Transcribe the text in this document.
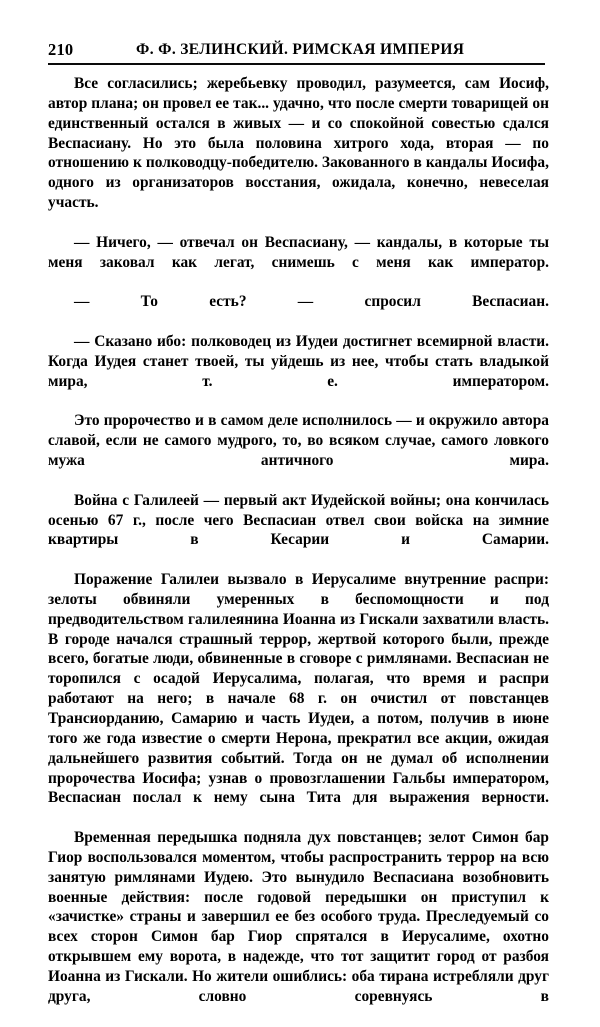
210	Ф. Ф. ЗЕЛИНСКИЙ. РИМСКАЯ ИМПЕРИЯ

Все согласились; жеребьевку проводил, разумеется, сам Иосиф, автор плана; он провел ее так... удачно, что после смерти товарищей он единственный остался в живых — и со спокойной совестью сдался Веспасиану. Но это была половина хитрого хода, вторая — по отношению к полководцу-победителю. Закованного в кандалы Иосифа, одного из организаторов восстания, ожидала, конечно, невеселая участь.

— Ничего, — отвечал он Веспасиану, — кандалы, в которые ты меня заковал как легат, снимешь с меня как император.

— То есть? — спросил Веспасиан.

— Сказано ибо: полководец из Иудеи достигнет всемирной власти. Когда Иудея станет твоей, ты уйдешь из нее, чтобы стать владыкой мира, т. е. императором.

Это пророчество и в самом деле исполнилось — и окружило автора славой, если не самого мудрого, то, во всяком случае, самого ловкого мужа античного мира.

Война с Галилеей — первый акт Иудейской войны; она кончилась осенью 67 г., после чего Веспасиан отвел свои войска на зимние квартиры в Кесарии и Самарии.

Поражение Галилеи вызвало в Иерусалиме внутренние распри: зелоты обвиняли умеренных в беспомощности и под предводительством галилеянина Иоанна из Гискали захватили власть. В городе начался страшный террор, жертвой которого были, прежде всего, богатые люди, обвиненные в сговоре с римлянами. Веспасиан не торопился с осадой Иерусалима, полагая, что время и распри работают на него; в начале 68 г. он очистил от повстанцев Трансиорданию, Самарию и часть Иудеи, а потом, получив в июне того же года известие о смерти Нерона, прекратил все акции, ожидая дальнейшего развития событий. Тогда он не думал об исполнении пророчества Иосифа; узнав о провозглашении Гальбы императором, Веспасиан послал к нему сына Тита для выражения верности.

Временная передышка подняла дух повстанцев; зелот Симон бар Гиор воспользовался моментом, чтобы распространить террор на всю занятую римлянами Иудею. Это вынудило Веспасиана возобновить военные действия: после годовой передышки он приступил к «зачистке» страны и завершил ее без особого труда. Преследуемый со всех сторон Симон бар Гиор спрятался в Иерусалиме, охотно открывшем ему ворота, в надежде, что тот защитит город от разбоя Иоанна из Гискали. Но жители ошиблись: оба тирана истребляли друг друга, словно соревнуясь в
